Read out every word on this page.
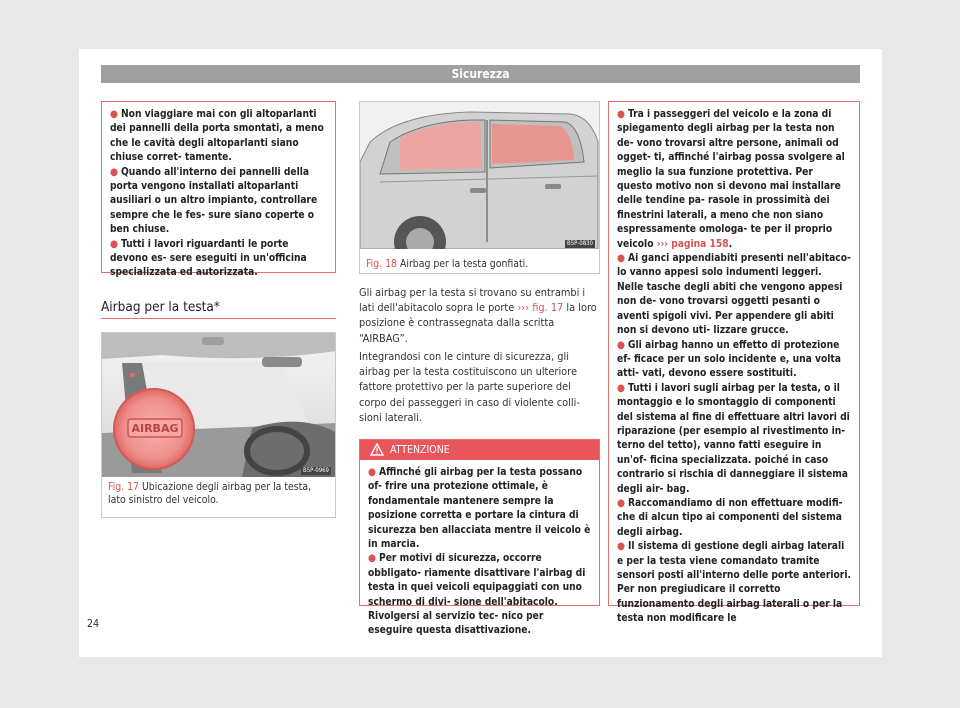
Sicurezza
● Non viaggiare mai con gli altoparlanti dei pannelli della porta smontati, a meno che le cavità degli altoparlanti siano chiuse corret- tamente.
● Quando all'interno dei pannelli della porta vengono installati altoparlanti ausiliari o un altro impianto, controllare sempre che le fes- sure siano coperte o ben chiuse.
● Tutti i lavori riguardanti le porte devono es- sere eseguiti in un'officina specializzata ed autorizzata.
Airbag per la testa*
AIRBAG
B5P-0969
Fig. 17 Ubicazione degli airbag per la testa, lato sinistro del veicolo.
B5P-0830
Fig. 18 Airbag per la testa gonfiati.
Gli airbag per la testa si trovano su entrambi i lati dell'abitacolo sopra le porte ››› fig. 17 la loro posizione è contrassegnata dalla scritta “AIRBAG”.
Integrandosi con le cinture di sicurezza, gli airbag per la testa costituiscono un ulteriore fattore protettivo per la parte superiore del corpo dei passeggeri in caso di violente colli- sioni laterali.
ATTENZIONE
● Affinché gli airbag per la testa possano of- frire una protezione ottimale, è fondamentale mantenere sempre la posizione corretta e portare la cintura di sicurezza ben allacciata mentre il veicolo è in marcia.
● Per motivi di sicurezza, occorre obbligato- riamente disattivare l'airbag di testa in quei veicoli equipaggiati con uno schermo di divi- sione dell'abitacolo. Rivolgersi al servizio tec- nico per eseguire questa disattivazione.
● Tra i passeggeri del veicolo e la zona di spiegamento degli airbag per la testa non de- vono trovarsi altre persone, animali od ogget- ti, affinché l'airbag possa svolgere al meglio la sua funzione protettiva. Per questo motivo non si devono mai installare delle tendine pa- rasole in prossimità dei finestrini laterali, a meno che non siano espressamente omologa- te per il proprio veicolo ››› pagina 158.
● Ai ganci appendiabiti presenti nell'abitaco- lo vanno appesi solo indumenti leggeri. Nelle tasche degli abiti che vengono appesi non de- vono trovarsi oggetti pesanti o aventi spigoli vivi. Per appendere gli abiti non si devono uti- lizzare grucce.
● Gli airbag hanno un effetto di protezione ef- ficace per un solo incidente e, una volta atti- vati, devono essere sostituiti.
● Tutti i lavori sugli airbag per la testa, o il montaggio e lo smontaggio di componenti del sistema al fine di effettuare altri lavori di riparazione (per esempio al rivestimento in- terno del tetto), vanno fatti eseguire in un'of- ficina specializzata. poiché in caso contrario si rischia di danneggiare il sistema degli air- bag.
● Raccomandiamo di non effettuare modifi- che di alcun tipo ai componenti del sistema degli airbag.
● Il sistema di gestione degli airbag laterali e per la testa viene comandato tramite sensori posti all'interno delle porte anteriori. Per non pregiudicare il corretto funzionamento degli airbag laterali o per la testa non modificare le
24
